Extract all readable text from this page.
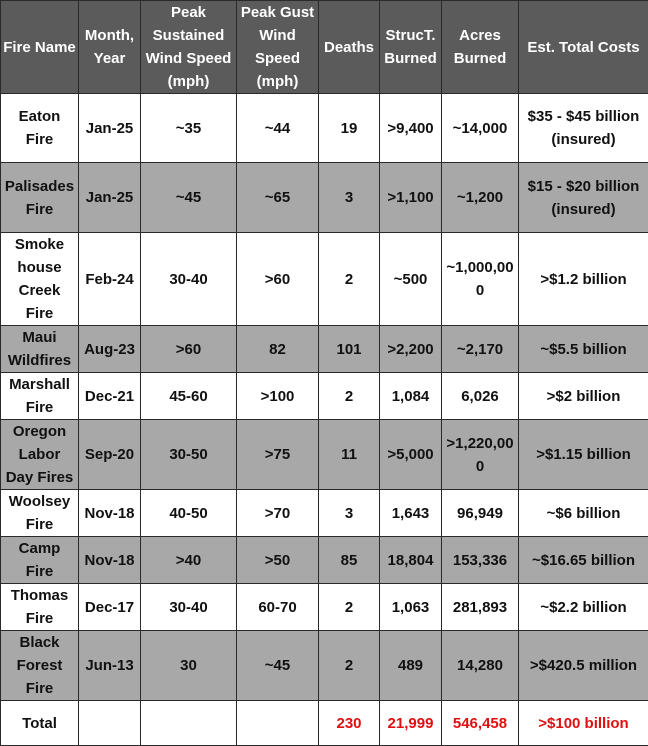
Fire Name	Month, Year	Peak Sustained Wind Speed (mph)	Peak Gust Wind Speed (mph)	Deaths	StrucT. Burned	Acres Burned	Est. Total Costs
Eaton Fire	Jan-25	~35	~44	19	>9,400	~14,000	$35 - $45 billion (insured)
Palisades Fire	Jan-25	~45	~65	3	>1,100	~1,200	$15 - $20 billion (insured)
Smoke house Creek Fire	Feb-24	30-40	>60	2	~500	~1,000,000	>$1.2 billion
Maui Wildfires	Aug-23	>60	82	101	>2,200	~2,170	~$5.5 billion
Marshall Fire	Dec-21	45-60	>100	2	1,084	6,026	>$2 billion
Oregon Labor Day Fires	Sep-20	30-50	>75	11	>5,000	>1,220,000	>$1.15 billion
Woolsey Fire	Nov-18	40-50	>70	3	1,643	96,949	~$6 billion
Camp Fire	Nov-18	>40	>50	85	18,804	153,336	~$16.65 billion
Thomas Fire	Dec-17	30-40	60-70	2	1,063	281,893	~$2.2 billion
Black Forest Fire	Jun-13	30	~45	2	489	14,280	>$420.5 million
Total				230	21,999	546,458	>$100 billion
